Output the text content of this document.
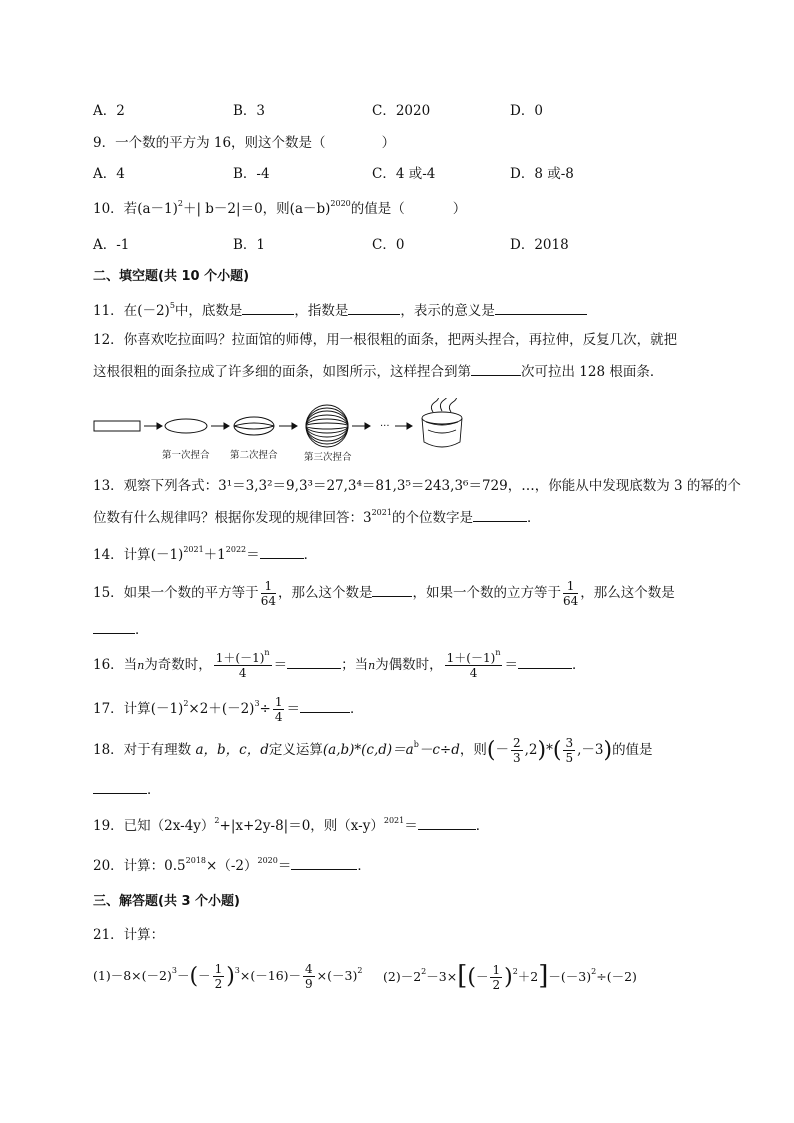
A．2	B．3	C．2020	D．0
9．一个数的平方为 16，则这个数是（	）
A．4	B．-4	C．4 或-4	D．8 或-8
10．若$(a-1)^2+|$ b－2|＝0，则$(a-b)^{2020}$的值是（	）
A．-1	B．1	C．0	D．2018
二、填空题(共 10 个小题)
11．在$(-2)^5$中，底数是	，指数是	，表示的意义是
12．你喜欢吃拉面吗？拉面馆的师傅，用一根很粗的面条，把两头捏合，再拉伸，反复几次，就把
这根很粗的面条拉成了许多细的面条，如图所示，这样捏合到第	次可拉出 128 根面条．
···
第一次捏合 第二次捏合	第三次捏合
13．观察下列各式：3¹＝3,3²＝9,3³＝27,3⁴＝81,3⁵＝243,3⁶＝729，…，你能从中发现底数为 3 的幂的个
位数有什么规律吗？根据你发现的规律回答：$3^{2021}$的个位数字是	．
14．计算$(-1)^{2021}+1^{2022}=$	．
15．如果一个数的平方等于 $\frac{1}{64}$ ，那么这个数是	，如果一个数的立方等于 $\frac{1}{64}$ ，那么这个数是
．
16．当n为奇数时， $\frac{1+(-1)^n}{4}$ ＝	；当n为偶数时， $\frac{1+(-1)^n}{4}$ ＝	．
17．计算$(-1)^2\times 2+(-2)^3\div \frac{1}{4}$ ＝	．
18．对于有理数 a，b，c，d定义运算$(a,b)*(c,d)=a^b-c\div d$，则(－ $\frac{2}{3} ,2)*( \frac{3}{5} ,-3)$的值是
．
19．已知$(2x-4y)^2+|x+2y-8|=0$，则$(x-y)^{2021}=$	．
20．计算：$0.5^{2018}\times(-2)^{2020}=$	．
三、解答题(共 3 个小题)
21．计算：
$(1)-8\times(-2)^3-(- \frac{1}{2} )^3\times(-16)- \frac{4}{9} \times(-3)^2$ $(2)-2^2-3\times[(- \frac{1}{2} )^2+2]-(-3)^2\div(-2)$
